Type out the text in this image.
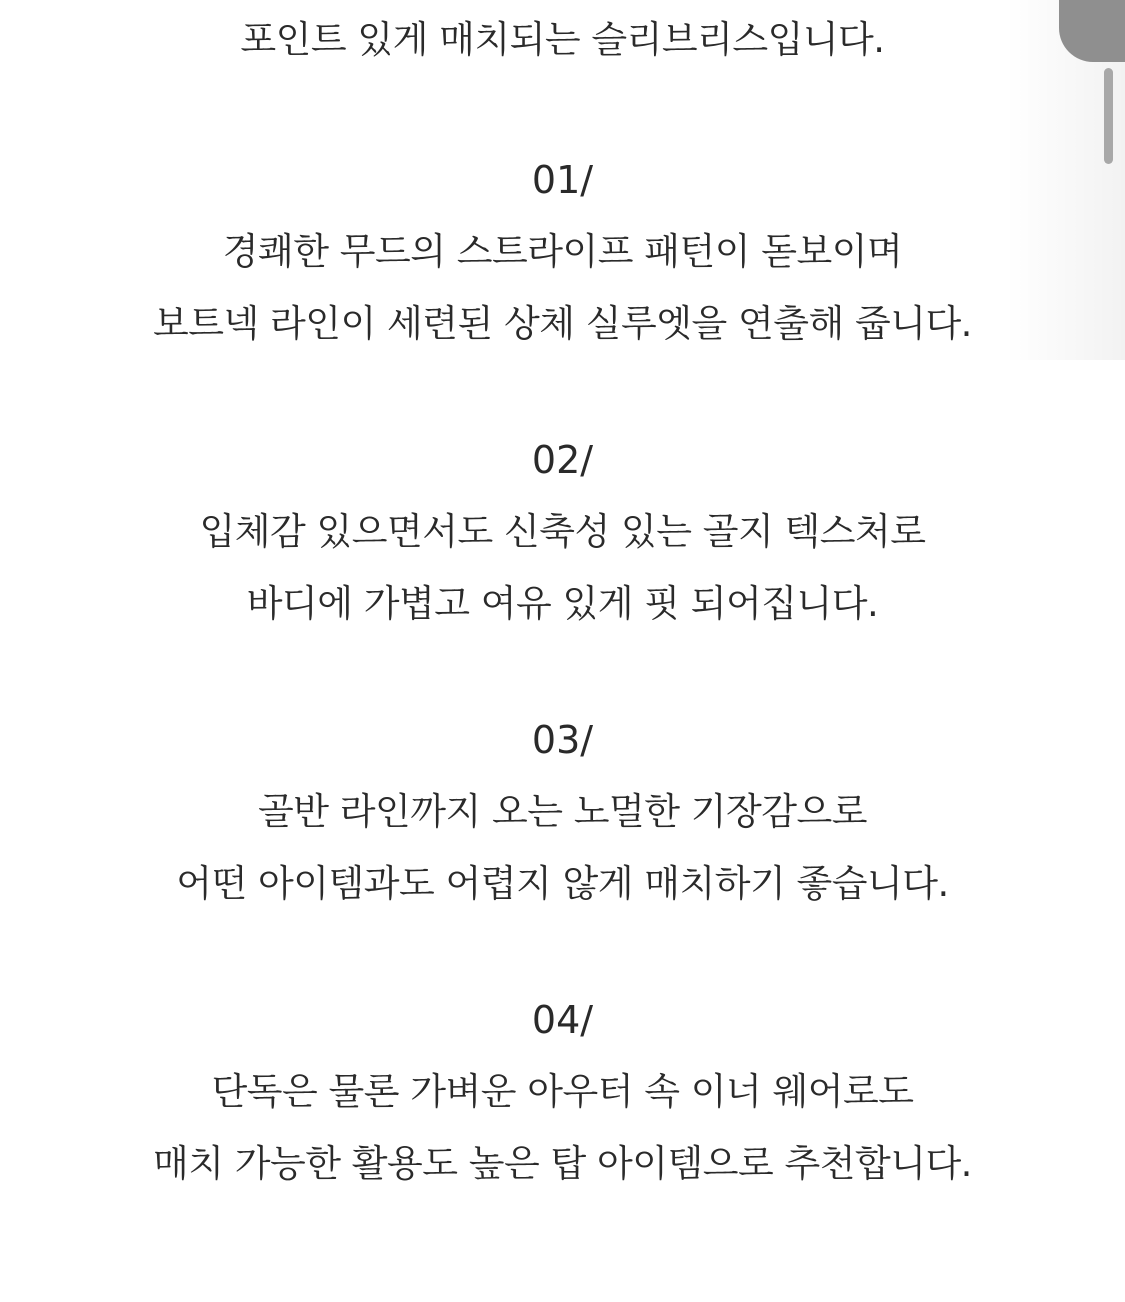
포인트 있게 매치되는 슬리브리스입니다.
01/
경쾌한 무드의 스트라이프 패턴이 돋보이며
보트넥 라인이 세련된 상체 실루엣을 연출해 줍니다.
02/
입체감 있으면서도 신축성 있는 골지 텍스처로
바디에 가볍고 여유 있게 핏 되어집니다.
03/
골반 라인까지 오는 노멀한 기장감으로
어떤 아이템과도 어렵지 않게 매치하기 좋습니다.
04/
단독은 물론 가벼운 아우터 속 이너 웨어로도
매치 가능한 활용도 높은 탑 아이템으로 추천합니다.
